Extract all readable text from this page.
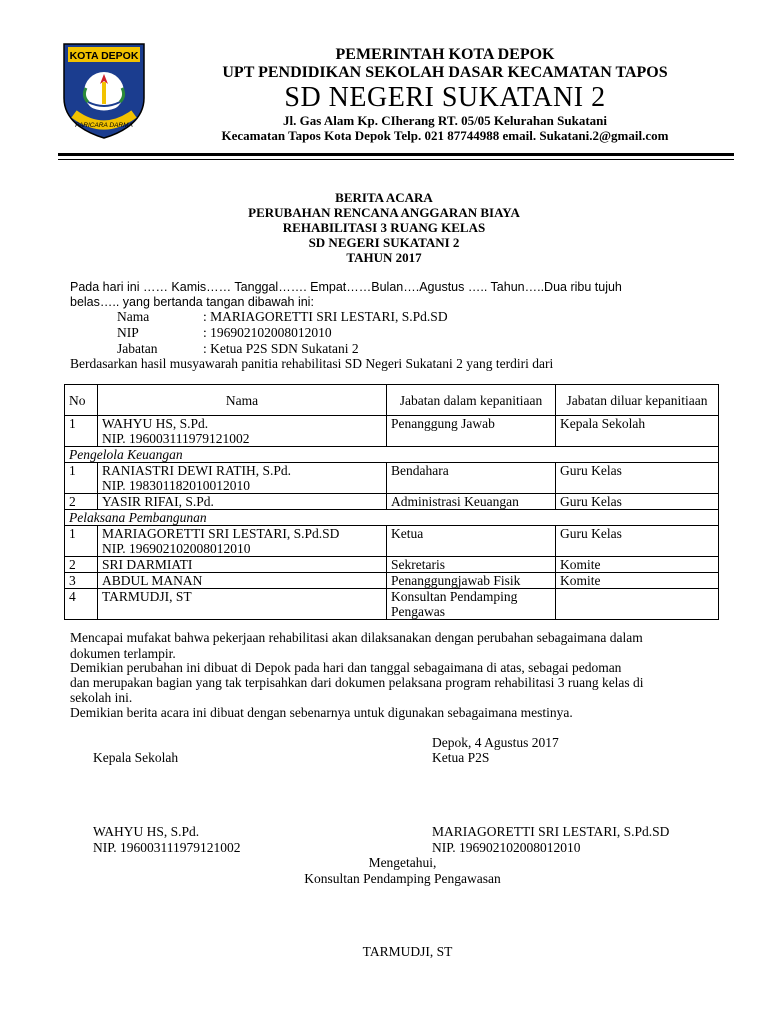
KOTA DEPOK
PARICARA DARMA
PEMERINTAH KOTA DEPOK
UPT PENDIDIKAN SEKOLAH DASAR KECAMATAN TAPOS
SD NEGERI SUKATANI 2
Jl. Gas Alam Kp. CIherang RT. 05/05 Kelurahan Sukatani
Kecamatan Tapos Kota Depok Telp. 021 87744988 email. Sukatani.2@gmail.com
BERITA ACARA
PERUBAHAN RENCANA ANGGARAN BIAYA
REHABILITASI 3 RUANG KELAS
SD NEGERI SUKATANI 2
TAHUN 2017
Pada hari ini …… Kamis…… Tanggal……. Empat……Bulan….Agustus ….. Tahun…..Dua ribu tujuh
belas….. yang bertanda tangan dibawah ini:
Nama	: MARIAGORETTI SRI LESTARI, S.Pd.SD
NIP	: 196902102008012010
Jabatan	: Ketua P2S SDN Sukatani 2
Berdasarkan hasil musyawarah panitia rehabilitasi SD Negeri Sukatani 2 yang terdiri dari
No	Nama	Jabatan dalam kepanitiaan	Jabatan diluar kepanitiaan
1	WAHYU HS, S.Pd.
NIP. 196003111979121002	Penanggung Jawab	Kepala Sekolah
Pengelola Keuangan			
1	RANIASTRI DEWI RATIH, S.Pd.
NIP. 198301182010012010	Bendahara	Guru Kelas
2	YASIR RIFAI, S.Pd.	Administrasi Keuangan	Guru Kelas
Pelaksana Pembangunan			
1	MARIAGORETTI SRI LESTARI, S.Pd.SD
NIP. 196902102008012010	Ketua	Guru Kelas
2	SRI DARMIATI	Sekretaris	Komite
3	ABDUL MANAN	Penanggungjawab Fisik	Komite
4	TARMUDJI, ST	Konsultan Pendamping Pengawas	
Mencapai mufakat bahwa pekerjaan rehabilitasi akan dilaksanakan dengan perubahan sebagaimana dalam
dokumen terlampir.
Demikian perubahan ini dibuat di Depok pada hari dan tanggal sebagaimana di atas, sebagai pedoman
dan merupakan bagian yang tak terpisahkan dari dokumen pelaksana program rehabilitasi 3 ruang kelas di
sekolah ini.
Demikian berita acara ini dibuat dengan sebenarnya untuk digunakan sebagaimana mestinya.
Depok, 4 Agustus 2017
Kepala Sekolah	Ketua P2S
WAHYU HS, S.Pd.
NIP. 196003111979121002
MARIAGORETTI SRI LESTARI, S.Pd.SD
NIP. 196902102008012010
Mengetahui,
Konsultan Pendamping Pengawasan
TARMUDJI, ST
